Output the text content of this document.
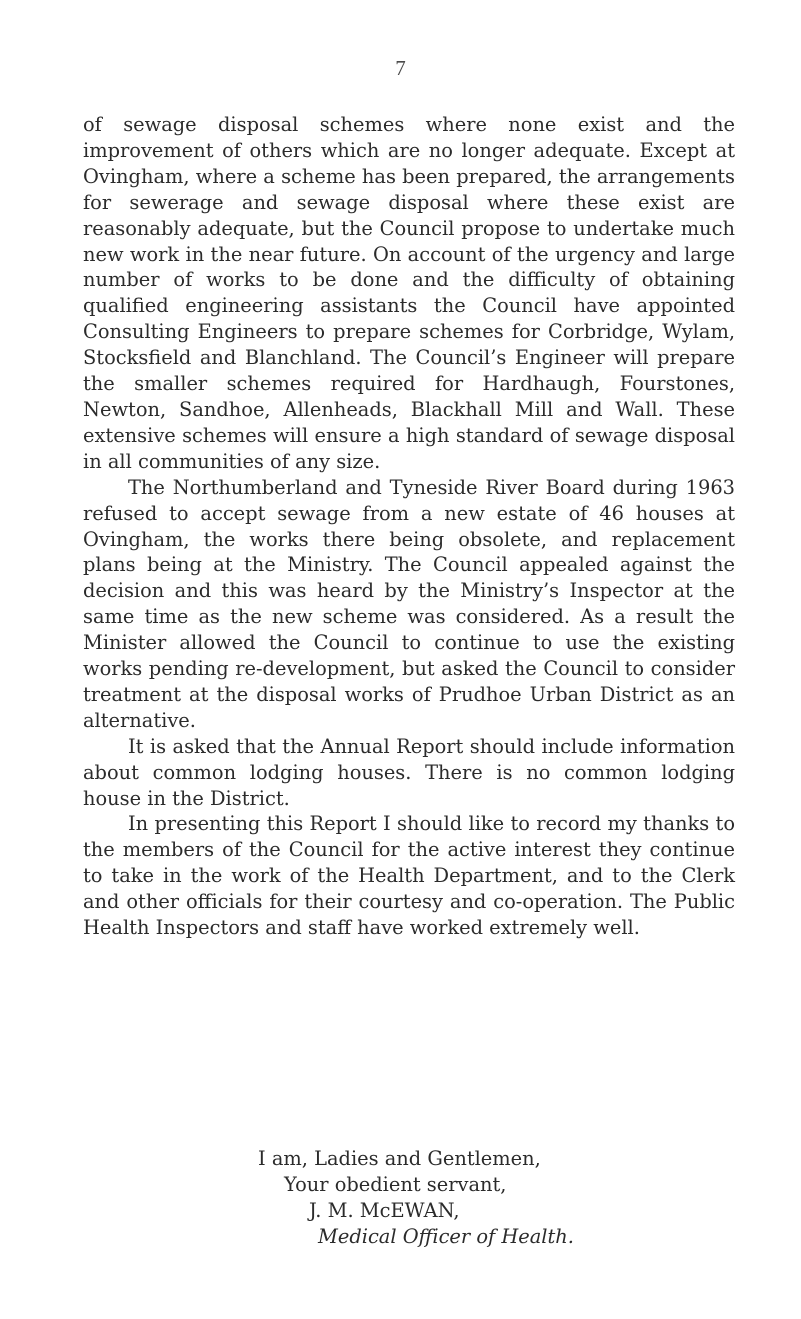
7

of sewage disposal schemes where none exist and the improvement of others which are no longer adequate. Except at Ovingham, where a scheme has been prepared, the arrangements for sewerage and sewage disposal where these exist are reasonably adequate, but the Council propose to undertake much new work in the near future. On account of the urgency and large number of works to be done and the difficulty of obtaining qualified engineering assistants the Council have appointed Consulting Engineers to prepare schemes for Corbridge, Wylam, Stocksfield and Blanchland. The Council’s Engineer will prepare the smaller schemes required for Hardhaugh, Fourstones, Newton, Sandhoe, Allenheads, Blackhall Mill and Wall. These extensive schemes will ensure a high standard of sewage disposal in all communities of any size.

The Northumberland and Tyneside River Board during 1963 refused to accept sewage from a new estate of 46 houses at Ovingham, the works there being obsolete, and replacement plans being at the Ministry. The Council appealed against the decision and this was heard by the Ministry’s Inspector at the same time as the new scheme was considered. As a result the Minister allowed the Council to continue to use the existing works pending re-development, but asked the Council to consider treatment at the disposal works of Prudhoe Urban District as an alternative.

It is asked that the Annual Report should include information about common lodging houses. There is no common lodging house in the District.

In presenting this Report I should like to record my thanks to the members of the Council for the active interest they continue to take in the work of the Health Department, and to the Clerk and other officials for their courtesy and co-operation. The Public Health Inspectors and staff have worked extremely well.

I am, Ladies and Gentlemen,
Your obedient servant,
J. M. McEWAN,
Medical Officer of Health.
